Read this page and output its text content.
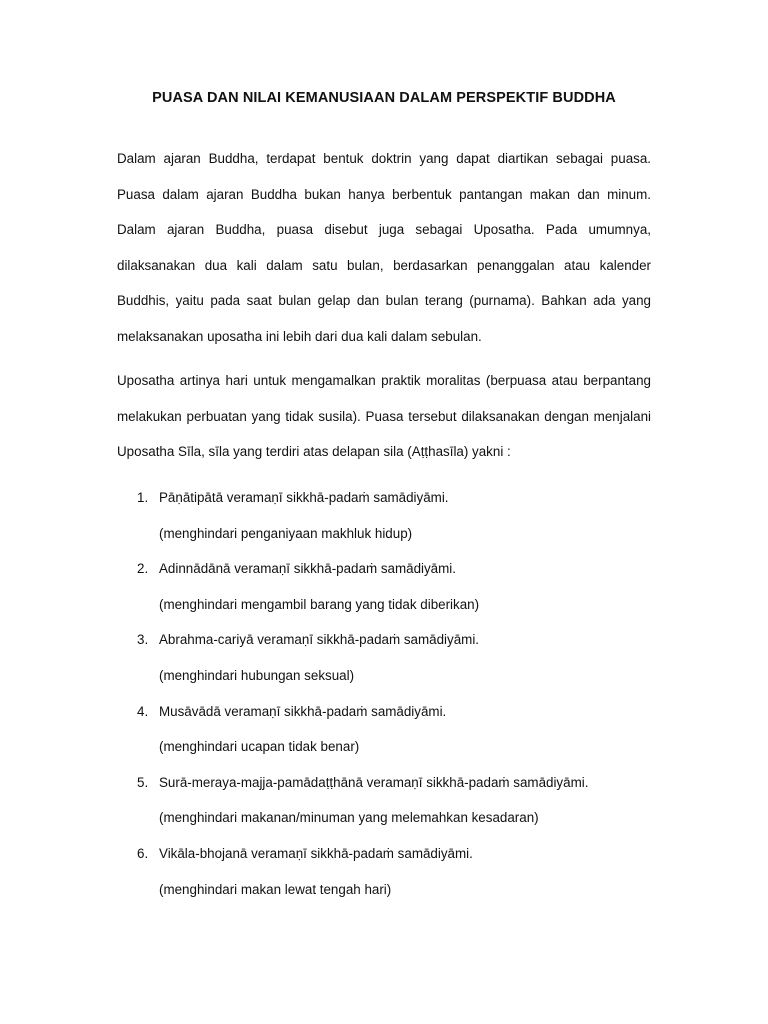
PUASA DAN NILAI KEMANUSIAAN DALAM PERSPEKTIF BUDDHA

Dalam ajaran Buddha, terdapat bentuk doktrin yang dapat diartikan sebagai puasa. Puasa dalam ajaran Buddha bukan hanya berbentuk pantangan makan dan minum. Dalam ajaran Buddha, puasa disebut juga sebagai Uposatha. Pada umumnya, dilaksanakan dua kali dalam satu bulan, berdasarkan penanggalan atau kalender Buddhis, yaitu pada saat bulan gelap dan bulan terang (purnama). Bahkan ada yang melaksanakan uposatha ini lebih dari dua kali dalam sebulan.

Uposatha artinya hari untuk mengamalkan praktik moralitas (berpuasa atau berpantang melakukan perbuatan yang tidak susila). Puasa tersebut dilaksanakan dengan menjalani Uposatha Sīla, sīla yang terdiri atas delapan sila (Aṭṭhasīla) yakni :

1. Pāṇātipātā veramaṇī sikkhā-padaṁ samādiyāmi.
(menghindari penganiyaan makhluk hidup)
2. Adinnādānā veramaṇī sikkhā-padaṁ samādiyāmi.
(menghindari mengambil barang yang tidak diberikan)
3. Abrahma-cariyā veramaṇī sikkhā-padaṁ samādiyāmi.
(menghindari hubungan seksual)
4. Musāvādā veramaṇī sikkhā-padaṁ samādiyāmi.
(menghindari ucapan tidak benar)
5. Surā-meraya-majja-pamādaṭṭhānā veramaṇī sikkhā-padaṁ samādiyāmi.
(menghindari makanan/minuman yang melemahkan kesadaran)
6. Vikāla-bhojanā veramaṇī sikkhā-padaṁ samādiyāmi.
(menghindari makan lewat tengah hari)
